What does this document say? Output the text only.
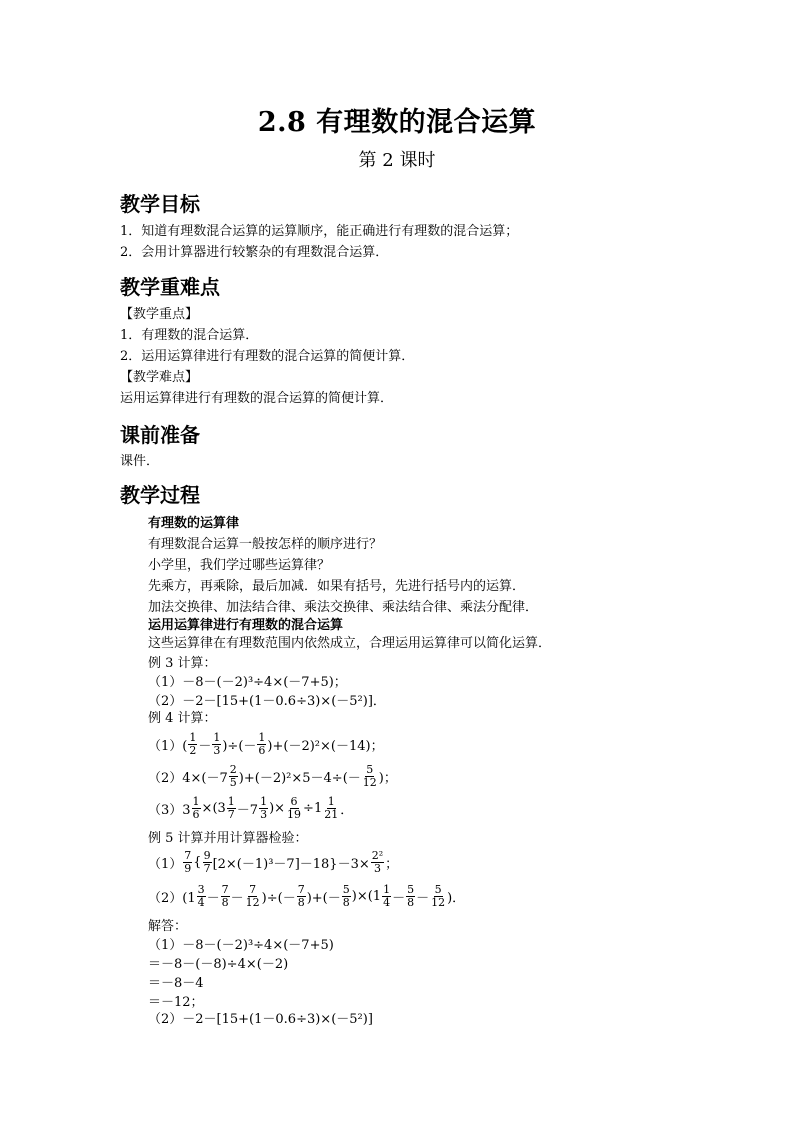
2.8 有理数的混合运算
第 2 课时
教学目标
1．知道有理数混合运算的运算顺序，能正确进行有理数的混合运算；
2．会用计算器进行较繁杂的有理数混合运算．
教学重难点
【教学重点】
1．有理数的混合运算．
2．运用运算律进行有理数的混合运算的简便计算．
【教学难点】
运用运算律进行有理数的混合运算的简便计算．
课前准备
课件．
教学过程
有理数的运算律
有理数混合运算一般按怎样的顺序进行？
小学里，我们学过哪些运算律？
先乘方，再乘除，最后加减．如果有括号，先进行括号内的运算．
加法交换律、加法结合律、乘法交换律、乘法结合律、乘法分配律．
运用运算律进行有理数的混合运算
这些运算律在有理数范围内依然成立，合理运用运算律可以简化运算．
例 3 计算：
（1）－8－(－2)³÷4×(－7+5)；
（2）－2－[15+(1－0.6÷3)×(－5²)]．
例 4 计算：
$(1)( \frac{1}{2} - \frac{1}{3}$ )÷(－ $\frac{1}{6} )+(-2)^2\times(-14)$；
$(2)4\times(-7 \frac{2}{5} )+(-2)^2\times 5-4\div(- \frac{5}{12}$ )；
$(3)3 \frac{1}{6} \times(3 \frac{1}{7} -7 \frac{1}{3}$ )× $\frac{6}{19} \div 1 \frac{1}{21}$ ．
例 5 计算并用计算器检验：
$(1) \frac{7}{9}$ { $\frac{9}{7} [2\times(-1)^3-7]-18\}-3\times \frac{\text{2²}}{3}$ ；
$(2)(1 \frac{3}{4} - \frac{7}{8} - \frac{7}{12}$ )÷(－ $\frac{7}{8}$ )+(－ $\frac{5}{8} )\times(1 \frac{1}{4} - \frac{5}{8} - \frac{5}{12}$ )．
解答：
（1）－8－(－2)³÷4×(－7+5)
＝－8－(－8)÷4×(－2)
＝－8－4
＝－12；
（2）－2－[15+(1－0.6÷3)×(－5²)]
